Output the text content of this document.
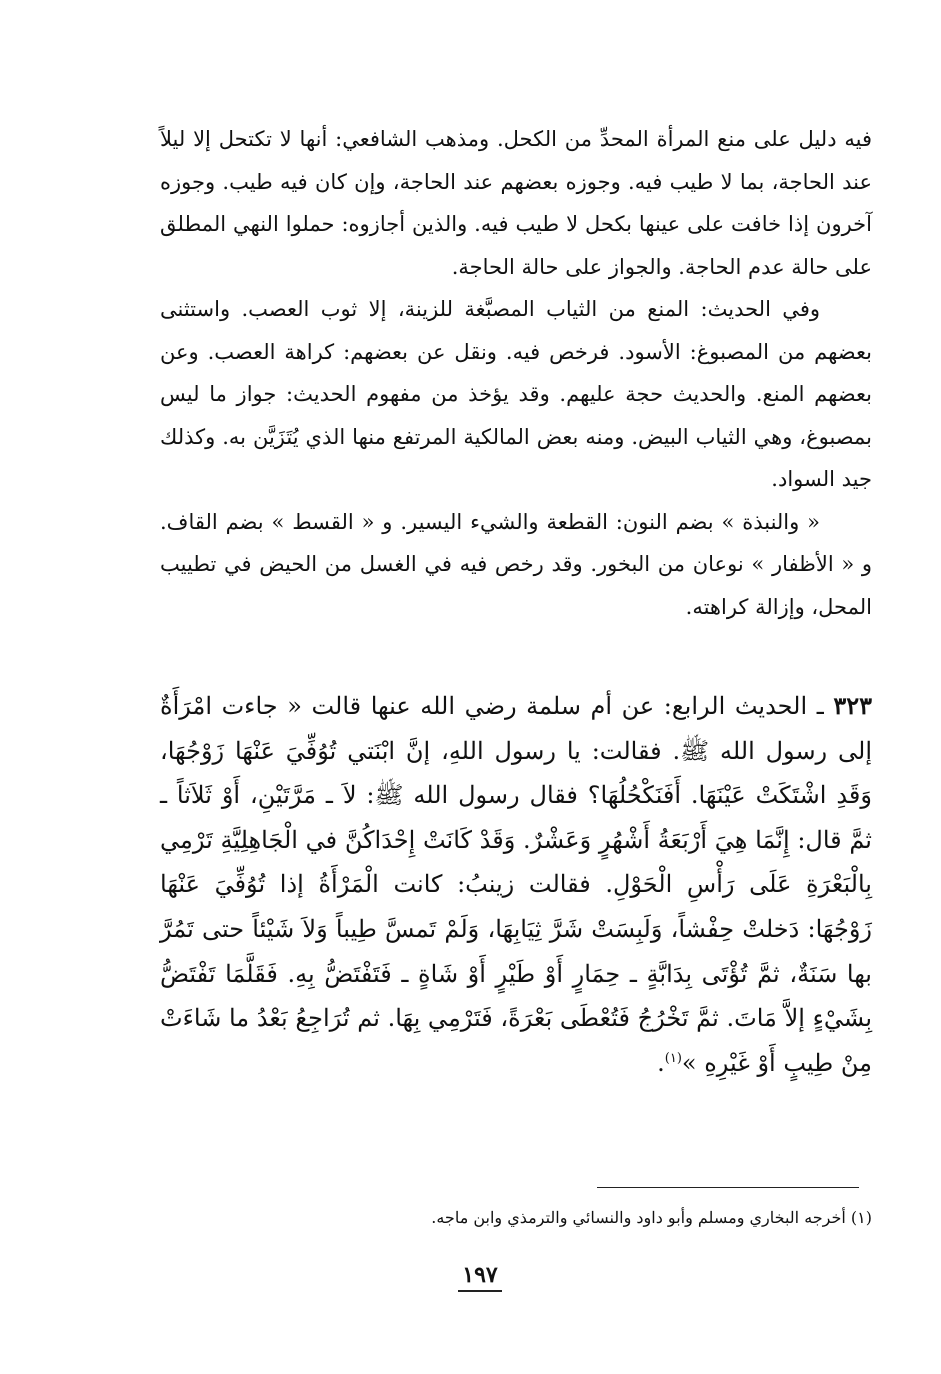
فيه دليل على منع المرأة المحدِّ من الكحل. ومذهب الشافعي: أنها لا تكتحل إلا ليلاً عند الحاجة، بما لا طيب فيه. وجوزه بعضهم عند الحاجة، وإن كان فيه طيب. وجوزه آخرون إذا خافت على عينها بكحل لا طيب فيه. والذين أجازوه: حملوا النهي المطلق على حالة عدم الحاجة. والجواز على حالة الحاجة.

وفي الحديث: المنع من الثياب المصبَّغة للزينة، إلا ثوب العصب. واستثنى بعضهم من المصبوغ: الأسود. فرخص فيه. ونقل عن بعضهم: كراهة العصب. وعن بعضهم المنع. والحديث حجة عليهم. وقد يؤخذ من مفهوم الحديث: جواز ما ليس بمصبوغ، وهي الثياب البيض. ومنه بعض المالكية المرتفع منها الذي يُتَزَيَّن به. وكذلك جيد السواد.

« والنبذة » بضم النون: القطعة والشيء اليسير. و « القسط » بضم القاف. و « الأظفار » نوعان من البخور. وقد رخص فيه في الغسل من الحيض في تطييب المحل، وإزالة كراهته.

٣٢٣ ـ الحديث الرابع: عن أم سلمة رضي الله عنها قالت « جاءت امْرَأَةٌ إلى رسول الله ﷺ. فقالت: يا رسول اللهِ، إنَّ ابْنَتي تُوُفِّيَ عَنْهَا زَوْجُهَا، وَقَدِ اشْتَكَتْ عَيْنَهَا. أَفَنَكْحُلُهَا؟ فقال رسول الله ﷺ: لاَ ـ مَرَّتَيْنِ، أَوْ ثَلاَثاً ـ ثمَّ قال: إِنَّمَا هِيَ أَرْبَعَةُ أَشْهُرٍ وَعَشْرٌ. وَقَدْ كَانَتْ إِحْدَاكُنَّ في الْجَاهِلِيَّةِ تَرْمِي بِالْبَعْرَةِ عَلَى رَأْسِ الْحَوْلِ. فقالت زينبُ: كانت الْمَرْأَةُ إذا تُوُفِّيَ عَنْهَا زَوْجُهَا: دَخلتْ حِفْشاً، وَلَبِسَتْ شَرَّ ثِيَابِهَا، وَلَمْ تَمسَّ طِيباً وَلاَ شَيْئاً حتى تَمُرَّ بها سَنَةٌ، ثمَّ تُؤْتَى بِدَابَّةٍ ـ حِمَارٍ أَوْ طَيْرٍ أَوْ شَاةٍ ـ فَتَفْتَضُّ بِهِ. فَقَلَّمَا تَفْتَضُّ بِشَيْءٍ إلاَّ مَاتَ. ثمَّ تَخْرُجُ فَتُعْطَى بَعْرَةً، فَتَرْمِي بِهَا. ثم تُرَاجِعُ بَعْدُ ما شَاءَتْ مِنْ طِيبٍ أَوْ غَيْرِهِ »$^{(١)}$.

(١) أخرجه البخاري ومسلم وأبو داود والنسائي والترمذي وابن ماجه.
١٩٧
